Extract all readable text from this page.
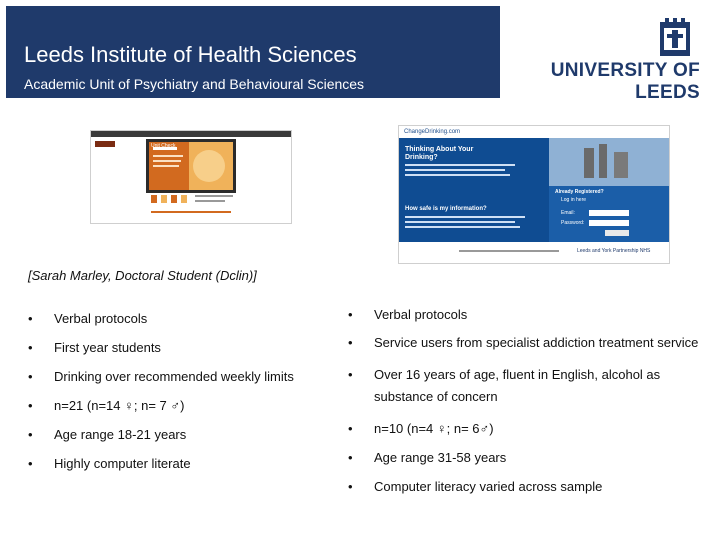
Leeds Institute of Health Sciences
Academic Unit of Psychiatry and Behavioural Sciences
UNIVERSITY OF LEEDS
Unit Check
ChangeDrinking.com
Thinking About Your Drinking?
How safe is my information?
Already Registered?
Log in here
Email:
Password:
Leeds and York Partnership NHS
[Sarah Marley, Doctoral Student (Dclin)]
• Verbal protocols
• First year students
• Drinking over recommended weekly limits
• n=21 (n=14 ♀; n= 7 ♂)
• Age range 18-21 years
• Highly computer literate
• Verbal protocols
• Service users from specialist addiction treatment service
• Over 16 years of age, fluent in English, alcohol as substance of concern
• n=10 (n=4 ♀; n= 6♂)
• Age range 31-58 years
• Computer literacy varied across sample
